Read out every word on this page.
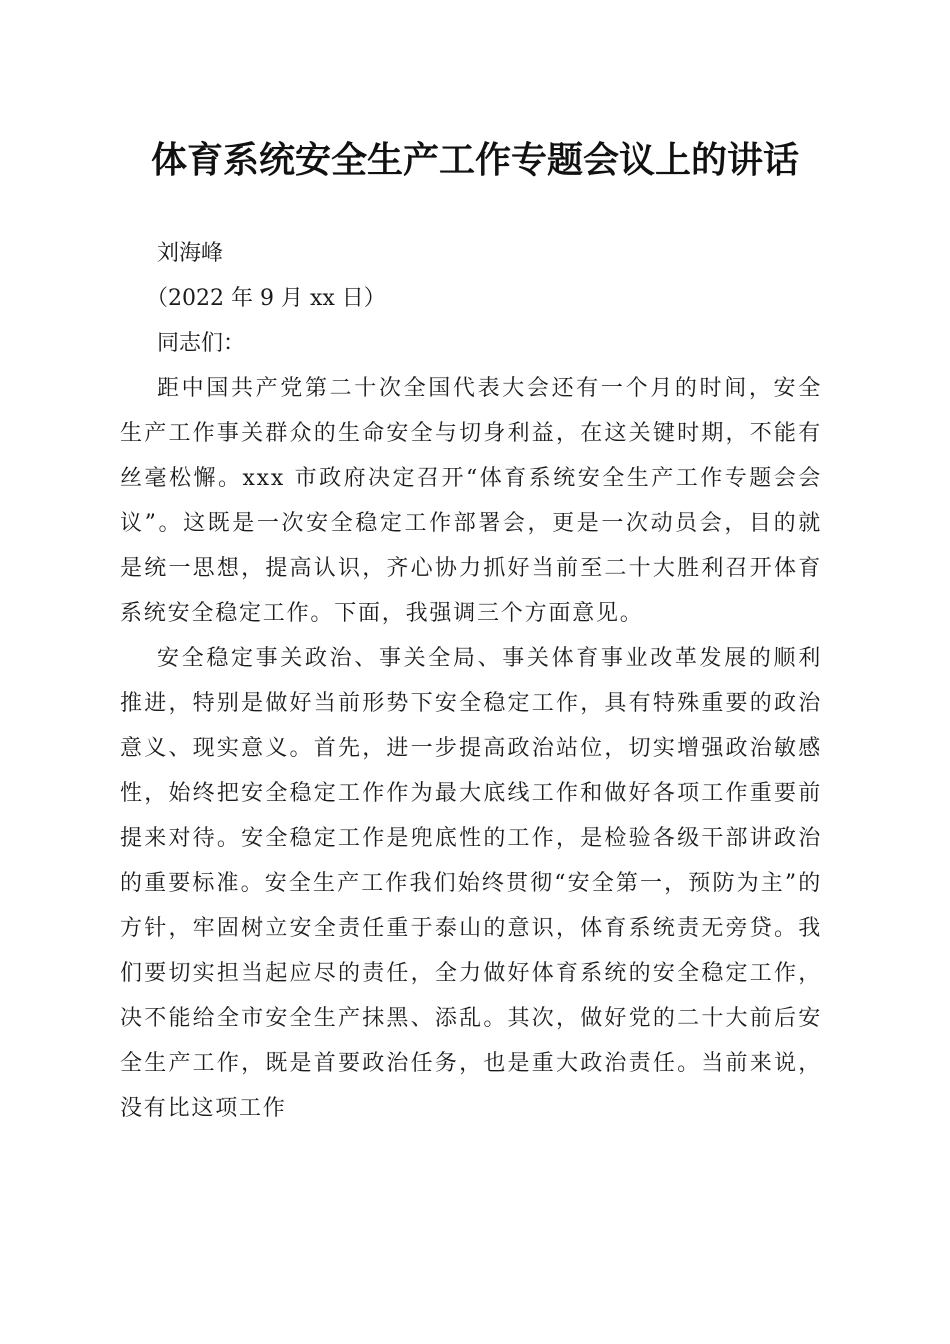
体育系统安全生产工作专题会议上的讲话

刘海峰

（2022 年 9 月 xx 日）

同志们：

距中国共产党第二十次全国代表大会还有一个月的时间，安全生产工作事关群众的生命安全与切身利益，在这关键时期，不能有丝毫松懈。xxx 市政府决定召开“体育系统安全生产工作专题会会议”。这既是一次安全稳定工作部署会，更是一次动员会，目的就是统一思想，提高认识，齐心协力抓好当前至二十大胜利召开体育系统安全稳定工作。下面，我强调三个方面意见。

安全稳定事关政治、事关全局、事关体育事业改革发展的顺利推进，特别是做好当前形势下安全稳定工作，具有特殊重要的政治意义、现实意义。首先，进一步提高政治站位，切实增强政治敏感性，始终把安全稳定工作作为最大底线工作和做好各项工作重要前提来对待。安全稳定工作是兜底性的工作，是检验各级干部讲政治的重要标准。安全生产工作我们始终贯彻“安全第一，预防为主”的方针，牢固树立安全责任重于泰山的意识，体育系统责无旁贷。我们要切实担当起应尽的责任，全力做好体育系统的安全稳定工作，决不能给全市安全生产抹黑、添乱。其次，做好党的二十大前后安全生产工作，既是首要政治任务，也是重大政治责任。当前来说，没有比这项工作
